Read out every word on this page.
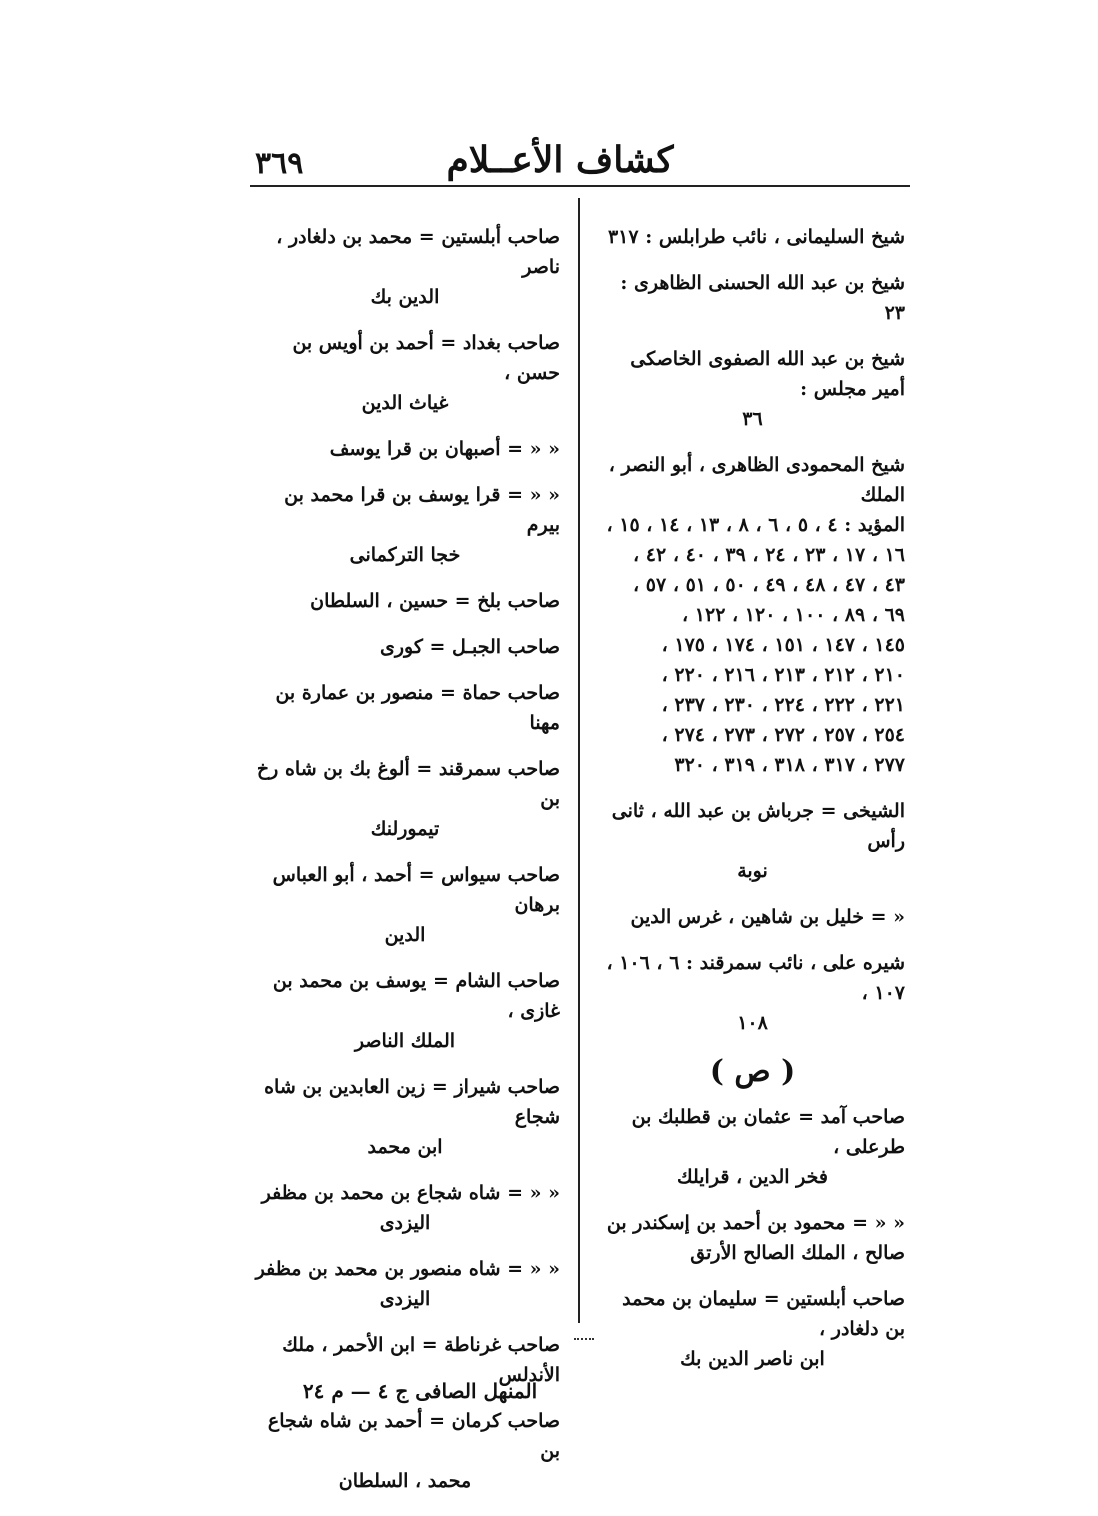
كشاف الأعــلام
٣٦٩
شيخ السليمانى ، نائب طرابلس : ٣١٧
شيخ بن عبد الله الحسنى الظاهرى : ٢٣
شيخ بن عبد الله الصفوى الخاصكى أمير مجلس :
٣٦
شيخ المحمودى الظاهرى ، أبو النصر ، الملك
المؤيد : ٤ ، ٥ ، ٦ ، ٨ ، ١٣ ، ١٤ ، ١٥ ،
١٦ ، ١٧ ، ٢٣ ، ٢٤ ، ٣٩ ، ٤٠ ، ٤٢ ،
٤٣ ، ٤٧ ، ٤٨ ، ٤٩ ، ٥٠ ، ٥١ ، ٥٧ ،
٦٩ ، ٨٩ ، ١٠٠ ، ١٢٠ ، ١٢٢ ،
١٤٥ ، ١٤٧ ، ١٥١ ، ١٧٤ ، ١٧٥ ،
٢١٠ ، ٢١٢ ، ٢١٣ ، ٢١٦ ، ٢٢٠ ،
٢٢١ ، ٢٢٢ ، ٢٢٤ ، ٢٣٠ ، ٢٣٧ ،
٢٥٤ ، ٢٥٧ ، ٢٧٢ ، ٢٧٣ ، ٢٧٤ ،
٢٧٧ ، ٣١٧ ، ٣١٨ ، ٣١٩ ، ٣٢٠
الشيخى = جرباش بن عبد الله ، ثانى رأس
نوبة
« = خليل بن شاهين ، غرس الدين
شيره على ، نائب سمرقند : ٦ ، ١٠٦ ، ١٠٧ ،
١٠٨
( ص )
صاحب آمد = عثمان بن قطلبك بن طرعلى ،
فخر الدين ، قرايلك
« « = محمود بن أحمد بن إسكندر بن
صالح ، الملك الصالح الأرتق
صاحب أبلستين = سليمان بن محمد بن دلغادر ،
ابن ناصر الدين بك
صاحب أبلستين = محمد بن دلغادر ، ناصر
الدين بك
صاحب بغداد = أحمد بن أويس بن حسن ،
غياث الدين
« « = أصبهان بن قرا يوسف
« « = قرا يوسف بن قرا محمد بن بيرم
خجا التركمانى
صاحب بلخ = حسين ، السلطان
صاحب الجبـل = كورى
صاحب حماة = منصور بن عمارة بن مهنا
صاحب سمرقند = ألوغ بك بن شاه رخ بن
تيمورلنك
صاحب سيواس = أحمد ، أبو العباس برهان
الدين
صاحب الشام = يوسف بن محمد بن غازى ،
الملك الناصر
صاحب شيراز = زين العابدين بن شاه شجاع
ابن محمد
« « = شاه شجاع بن محمد بن مظفر
اليزدى
« « = شاه منصور بن محمد بن مظفر
اليزدى
صاحب غرناطة = ابن الأحمر ، ملك الأندلس
صاحب كرمان = أحمد بن شاه شجاع بن
محمد ، السلطان
المنهل الصافى ج ٤ — م ٢٤
